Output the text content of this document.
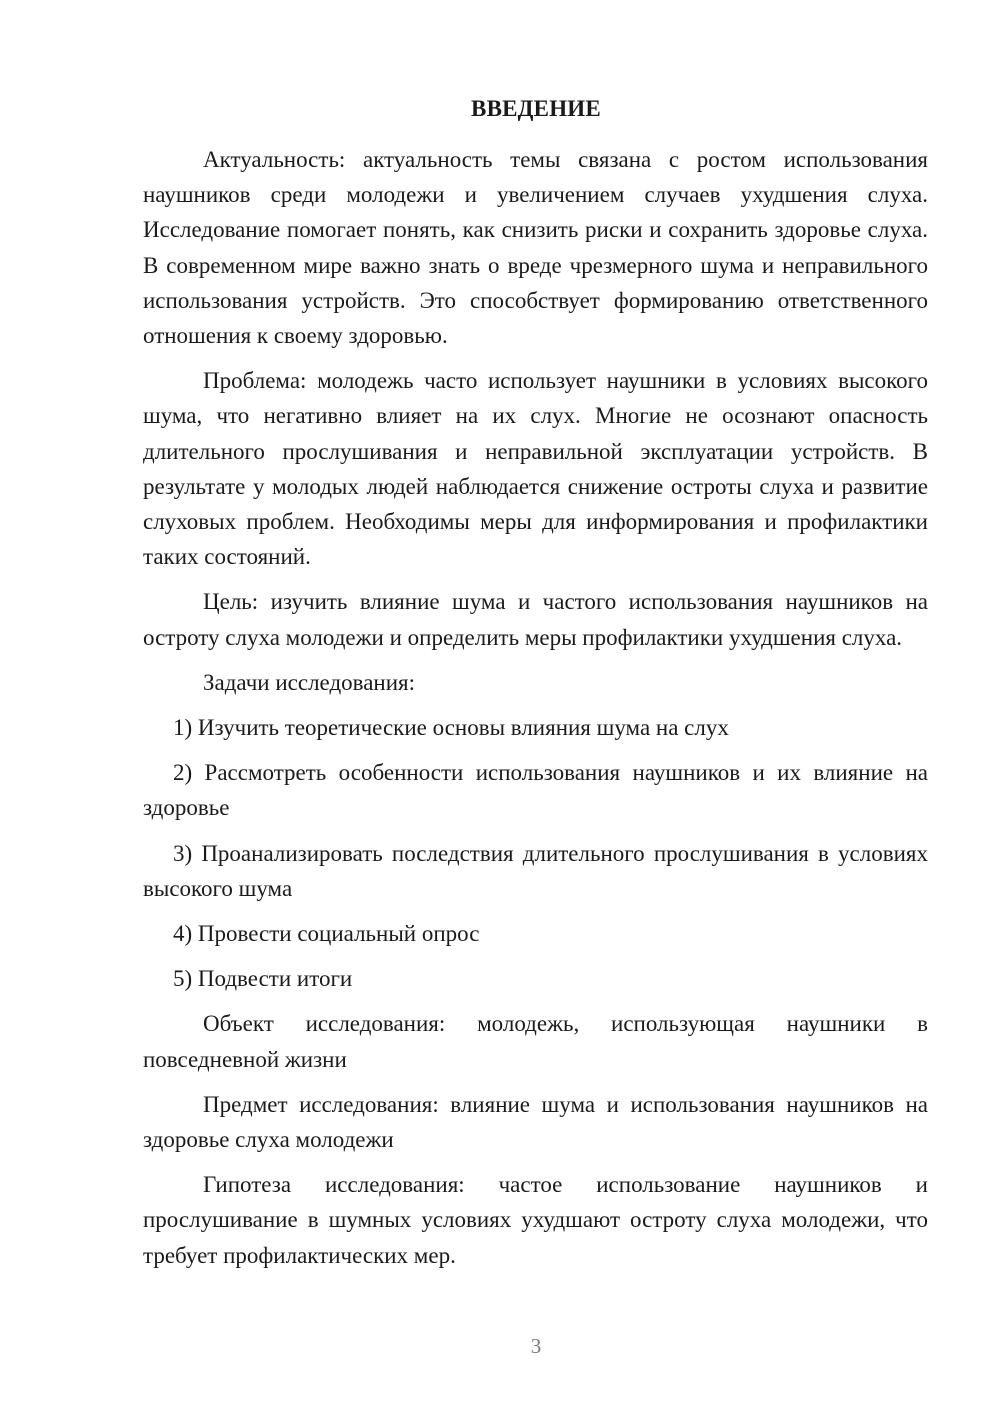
ВВЕДЕНИЕ

Актуальность: актуальность темы связана с ростом использования наушников среди молодежи и увеличением случаев ухудшения слуха. Исследование помогает понять, как снизить риски и сохранить здоровье слуха. В современном мире важно знать о вреде чрезмерного шума и неправильного использования устройств. Это способствует формированию ответственного отношения к своему здоровью.

Проблема: молодежь часто использует наушники в условиях высокого шума, что негативно влияет на их слух. Многие не осознают опасность длительного прослушивания и неправильной эксплуатации устройств. В результате у молодых людей наблюдается снижение остроты слуха и развитие слуховых проблем. Необходимы меры для информирования и профилактики таких состояний.

Цель: изучить влияние шума и частого использования наушников на остроту слуха молодежи и определить меры профилактики ухудшения слуха.

Задачи исследования:

1) Изучить теоретические основы влияния шума на слух

2) Рассмотреть особенности использования наушников и их влияние на здоровье

3) Проанализировать последствия длительного прослушивания в условиях высокого шума

4) Провести социальный опрос

5) Подвести итоги

Объект исследования: молодежь, использующая наушники в повседневной жизни

Предмет исследования: влияние шума и использования наушников на здоровье слуха молодежи

Гипотеза исследования: частое использование наушников и прослушивание в шумных условиях ухудшают остроту слуха молодежи, что требует профилактических мер.

3
